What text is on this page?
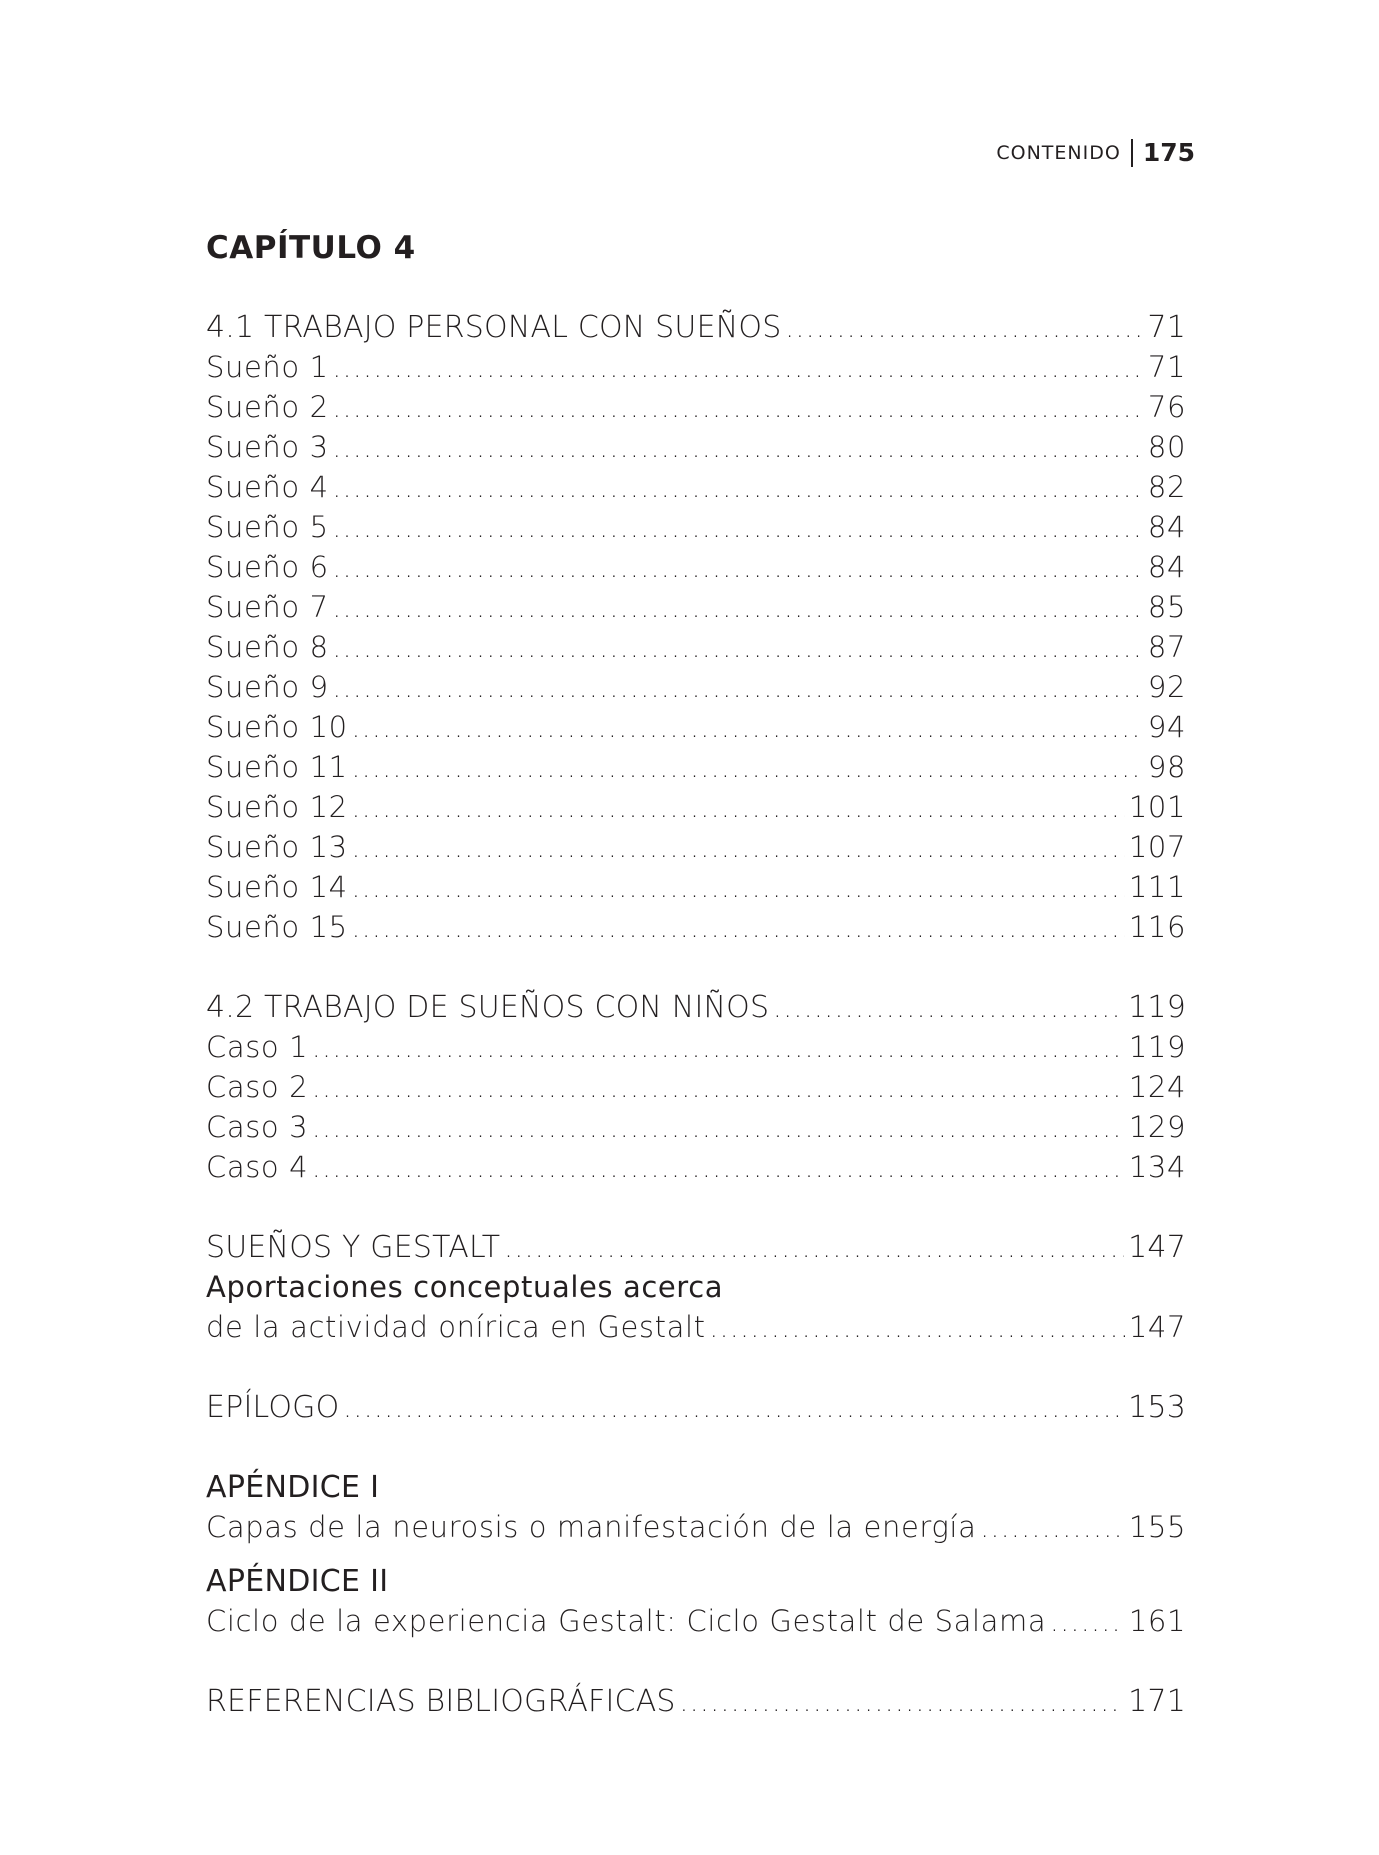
CONTENIDO 175
CAPÍTULO 4
4.1 TRABAJO PERSONAL CON SUEÑOS .....	71
Sueño 1 .....	71
Sueño 2 .....	76
Sueño 3 .....	80
Sueño 4 .....	82
Sueño 5 .....	84
Sueño 6 .....	84
Sueño 7 .....	85
Sueño 8 .....	87
Sueño 9 .....	92
Sueño 10 .....	94
Sueño 11 .....	98
Sueño 12 .....	101
Sueño 13 .....	107
Sueño 14 .....	111
Sueño 15 .....	116
4.2 TRABAJO DE SUEÑOS CON NIÑOS .....	119
Caso 1 .....	119
Caso 2 .....	124
Caso 3 .....	129
Caso 4 .....	134
SUEÑOS Y GESTALT .....	147
Aportaciones conceptuales acerca
de la actividad onírica en Gestalt .....	147
EPÍLOGO .....	153
APÉNDICE I
Capas de la neurosis o manifestación de la energía .....	155
APÉNDICE II
Ciclo de la experiencia Gestalt: Ciclo Gestalt de Salama .....	161
REFERENCIAS BIBLIOGRÁFICAS .....	171
